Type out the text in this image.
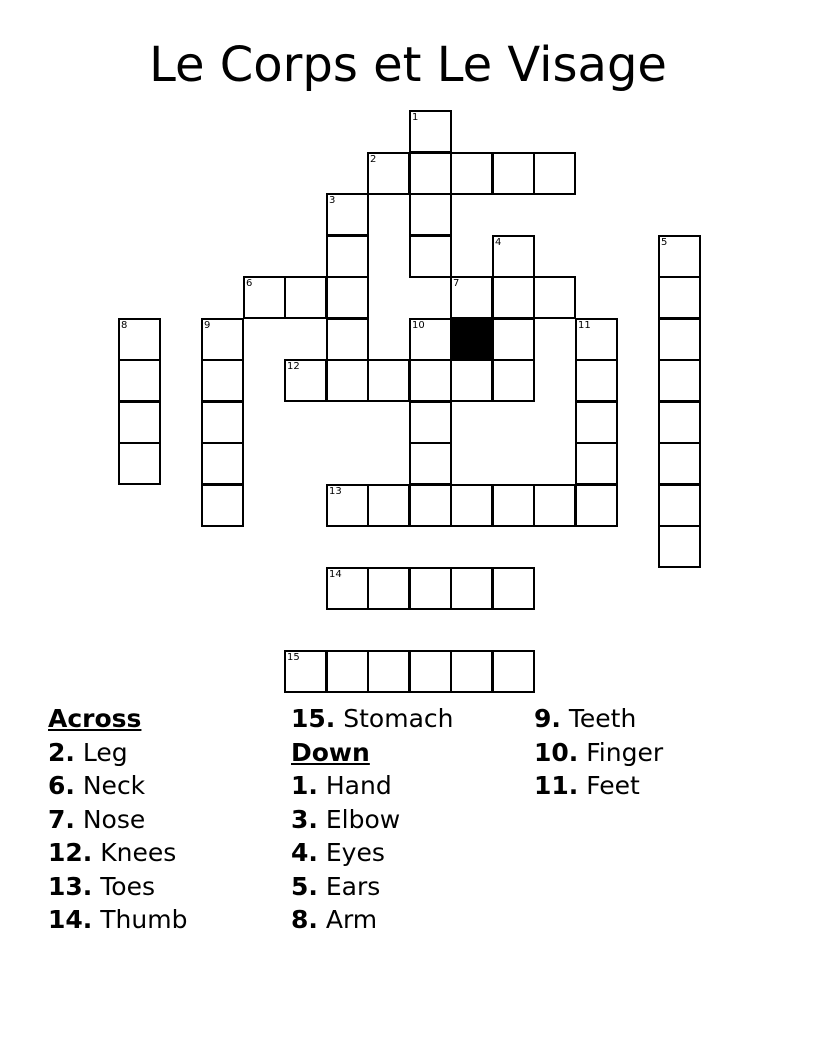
Le Corps et Le Visage
1
2
3
4	5
6	7
8	9	10	11
12
13
14
15
Across
2. Leg
6. Neck
7. Nose
12. Knees
13. Toes
14. Thumb
15. Stomach
Down
1. Hand
3. Elbow
4. Eyes
5. Ears
8. Arm
9. Teeth
10. Finger
11. Feet
